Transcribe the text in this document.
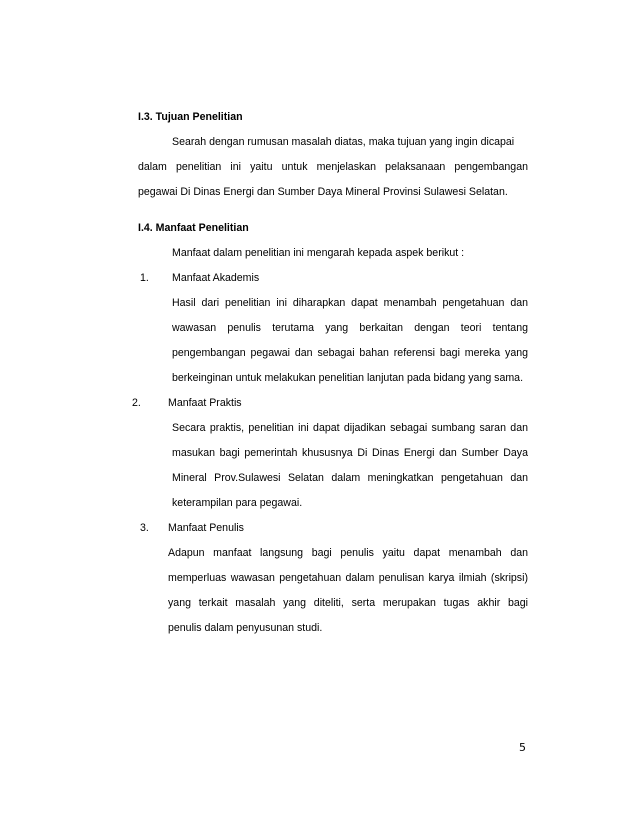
I.3. Tujuan Penelitian
Searah dengan rumusan masalah diatas, maka tujuan yang ingin dicapai
dalam penelitian ini yaitu untuk menjelaskan pelaksanaan pengembangan
pegawai Di Dinas Energi dan Sumber Daya Mineral Provinsi Sulawesi Selatan.
I.4. Manfaat Penelitian
Manfaat dalam penelitian ini mengarah kepada aspek berikut :
1. Manfaat Akademis
Hasil dari penelitian ini diharapkan dapat menambah pengetahuan dan
wawasan penulis terutama yang berkaitan dengan teori tentang
pengembangan pegawai dan sebagai bahan referensi bagi mereka yang
berkeinginan untuk melakukan penelitian lanjutan pada bidang yang sama.
2.	Manfaat Praktis
Secara praktis, penelitian ini dapat dijadikan sebagai sumbang saran dan
masukan bagi pemerintah khususnya Di Dinas Energi dan Sumber Daya
Mineral Prov.Sulawesi Selatan dalam meningkatkan pengetahuan dan
keterampilan para pegawai.
3. Manfaat Penulis
Adapun manfaat langsung bagi penulis yaitu dapat menambah dan
memperluas wawasan pengetahuan dalam penulisan karya ilmiah (skripsi)
yang terkait masalah yang diteliti, serta merupakan tugas akhir bagi
penulis dalam penyusunan studi.
5
